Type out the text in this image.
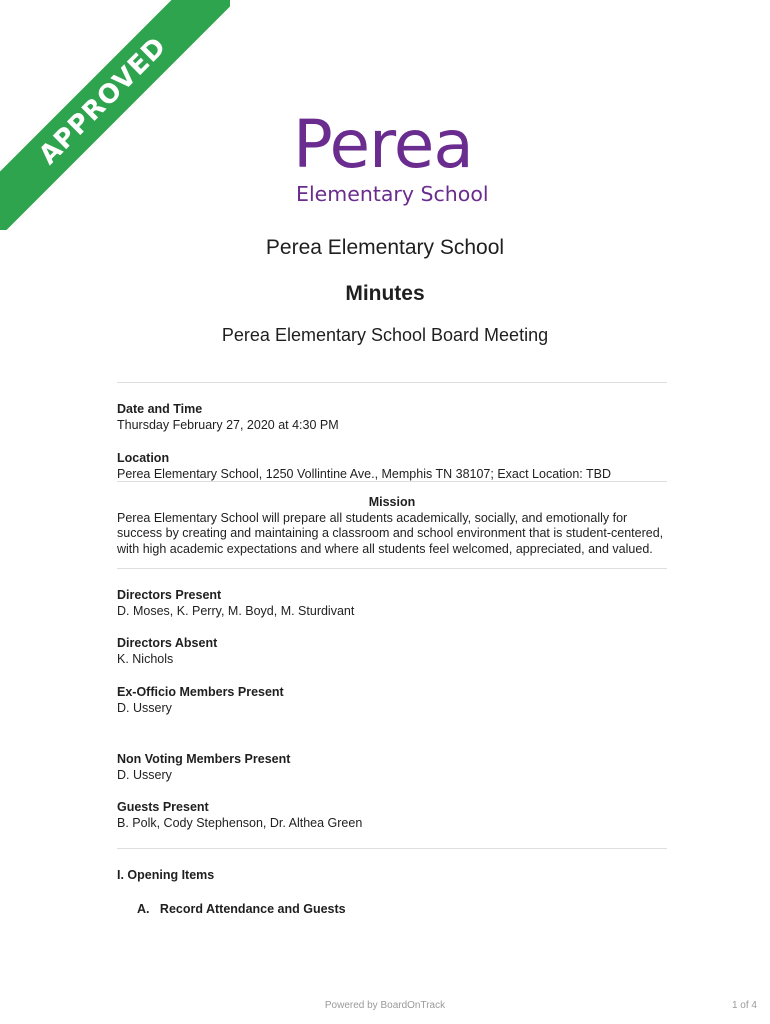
APPROVED Perea
Elementary School
Perea Elementary School
Minutes
Perea Elementary School Board Meeting
Date and Time
Thursday February 27, 2020 at 4:30 PM
Location
Perea Elementary School, 1250 Vollintine Ave., Memphis TN 38107; Exact Location: TBD
Mission
Perea Elementary School will prepare all students academically, socially, and emotionally for success by creating and maintaining a classroom and school environment that is student-centered, with high academic expectations and where all students feel welcomed, appreciated, and valued.
Directors Present
D. Moses, K. Perry, M. Boyd, M. Sturdivant
Directors Absent
K. Nichols
Ex-Officio Members Present
D. Ussery
Non Voting Members Present
D. Ussery
Guests Present
B. Polk, Cody Stephenson, Dr. Althea Green
I. Opening Items
A.   Record Attendance and Guests
Powered by BoardOnTrack	1 of 4
